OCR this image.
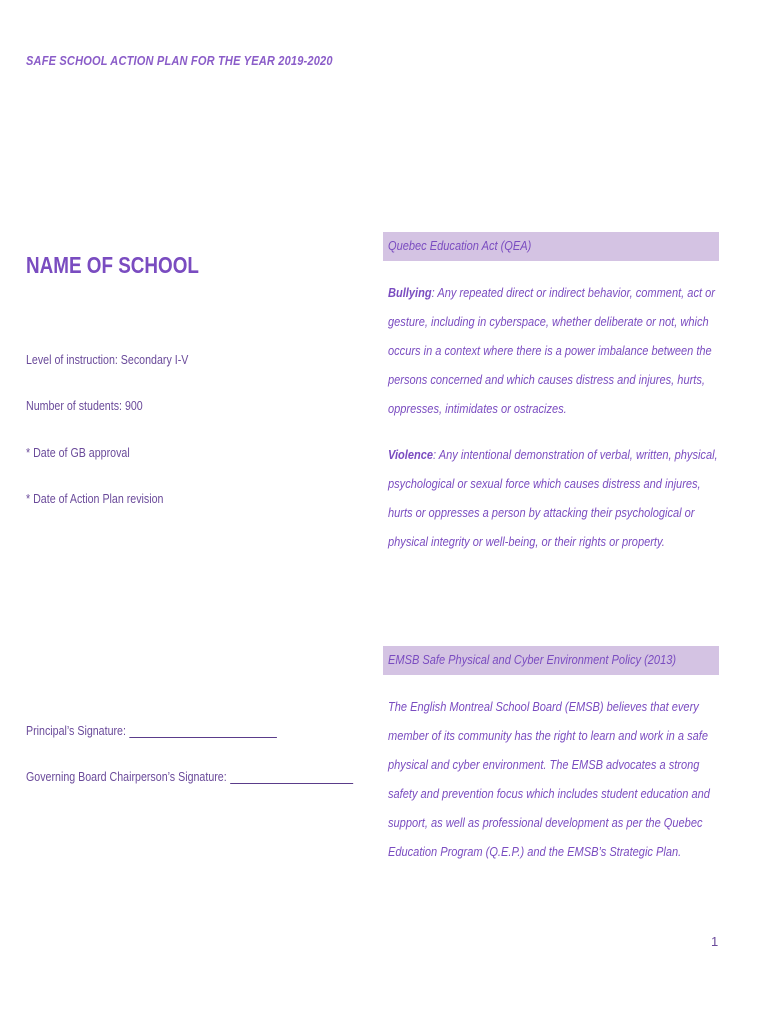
SAFE SCHOOL ACTION PLAN FOR THE YEAR 2019-2020
NAME OF SCHOOL
Level of instruction: Secondary I-V
Number of students: 900
* Date of GB approval
* Date of Action Plan revision
Principal’s Signature:
Governing Board Chairperson’s Signature:
Quebec Education Act (QEA)
Bullying: Any repeated direct or indirect behavior, comment, act or gesture, including in cyberspace, whether deliberate or not, which occurs in a context where there is a power imbalance between the persons concerned and which causes distress and injures, hurts, oppresses, intimidates or ostracizes.
Violence: Any intentional demonstration of verbal, written, physical, psychological or sexual force which causes distress and injures, hurts or oppresses a person by attacking their psychological or physical integrity or well-being, or their rights or property.
EMSB Safe Physical and Cyber Environment Policy (2013)
The English Montreal School Board (EMSB) believes that every member of its community has the right to learn and work in a safe physical and cyber environment. The EMSB advocates a strong safety and prevention focus which includes student education and support, as well as professional development as per the Quebec Education Program (Q.E.P.) and the EMSB’s Strategic Plan.
1
